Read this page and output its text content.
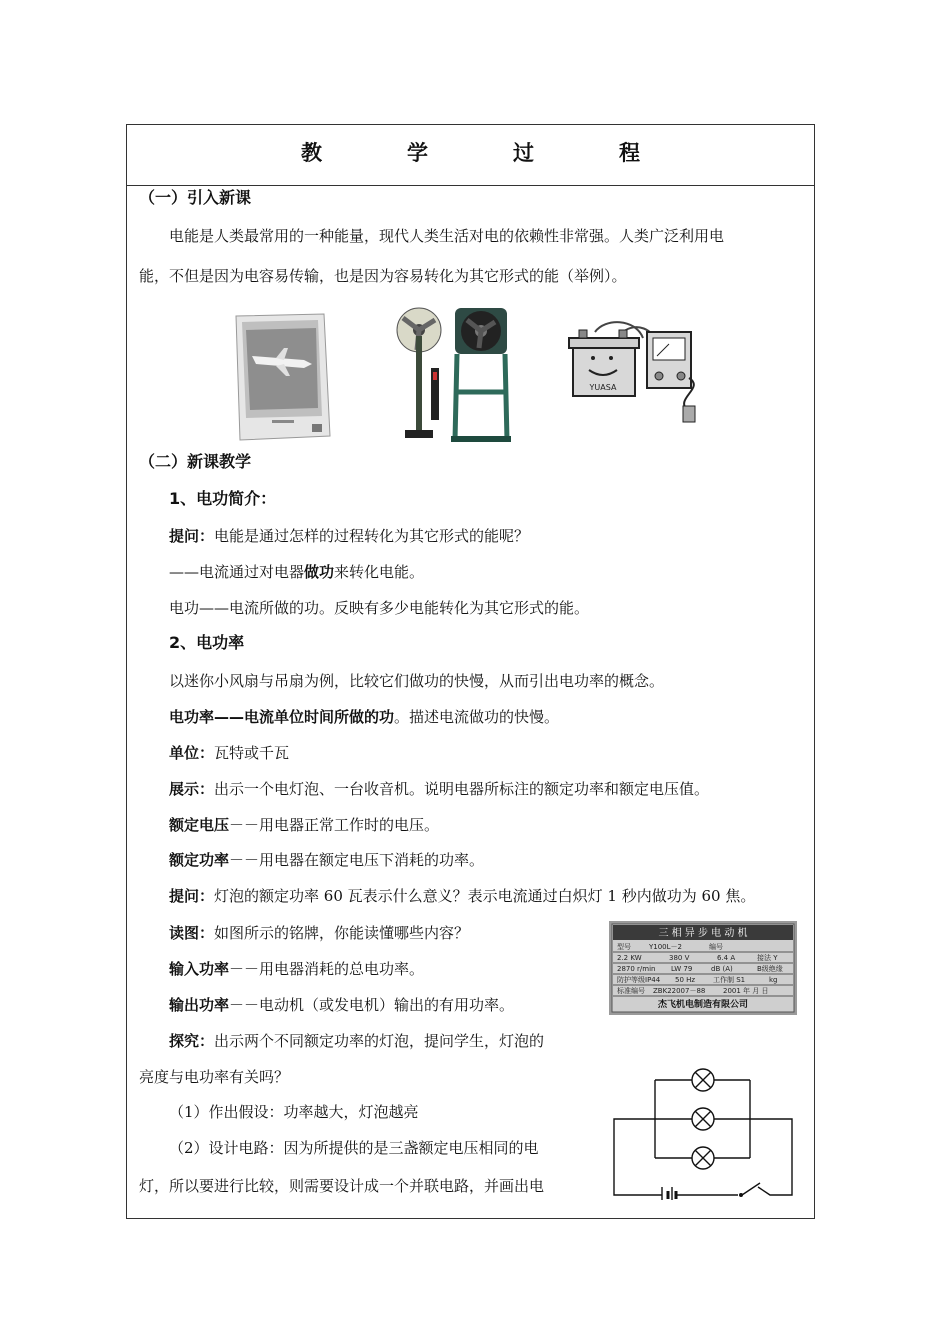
教　学　过　程
（一）引入新课
电能是人类最常用的一种能量，现代人类生活对电的依赖性非常强。人类广泛利用电
能，不但是因为电容易传输，也是因为容易转化为其它形式的能（举例）。
YUASA
（二）新课教学
1、电功简介：
提问：电能是通过怎样的过程转化为其它形式的能呢？
——电流通过对电器做功来转化电能。
电功——电流所做的功。反映有多少电能转化为其它形式的能。
2、电功率
以迷你小风扇与吊扇为例，比较它们做功的快慢，从而引出电功率的概念。
电功率——电流单位时间所做的功。描述电流做功的快慢。
单位：瓦特或千瓦
展示：出示一个电灯泡、一台收音机。说明电器所标注的额定功率和额定电压值。
额定电压－－用电器正常工作时的电压。
额定功率－－用电器在额定电压下消耗的功率。
提问：灯泡的额定功率 60 瓦表示什么意义？表示电流通过白炽灯 1 秒内做功为 60 焦。
读图：如图所示的铭牌，你能读懂哪些内容？
输入功率－－用电器消耗的总电功率。
输出功率－－电动机（或发电机）输出的有用功率。
探究：出示两个不同额定功率的灯泡，提问学生，灯泡的
亮度与电功率有关吗？
（1）作出假设：功率越大，灯泡越亮
（2）设计电路：因为所提供的是三盏额定电压相同的电
灯，所以要进行比较，则需要设计成一个并联电路，并画出电
三 相 异 步 电 动 机
型号	Y100L－2	编号
2.2 KW	380 V	6.4 A	接法 Y
2870 r/min LW 79	dB (A)	B级绝缘
防护等级IP44 50 Hz	工作制 S1	kg
标准编号 ZBK22007－88	2001 年 月 日
杰飞机电制造有限公司
